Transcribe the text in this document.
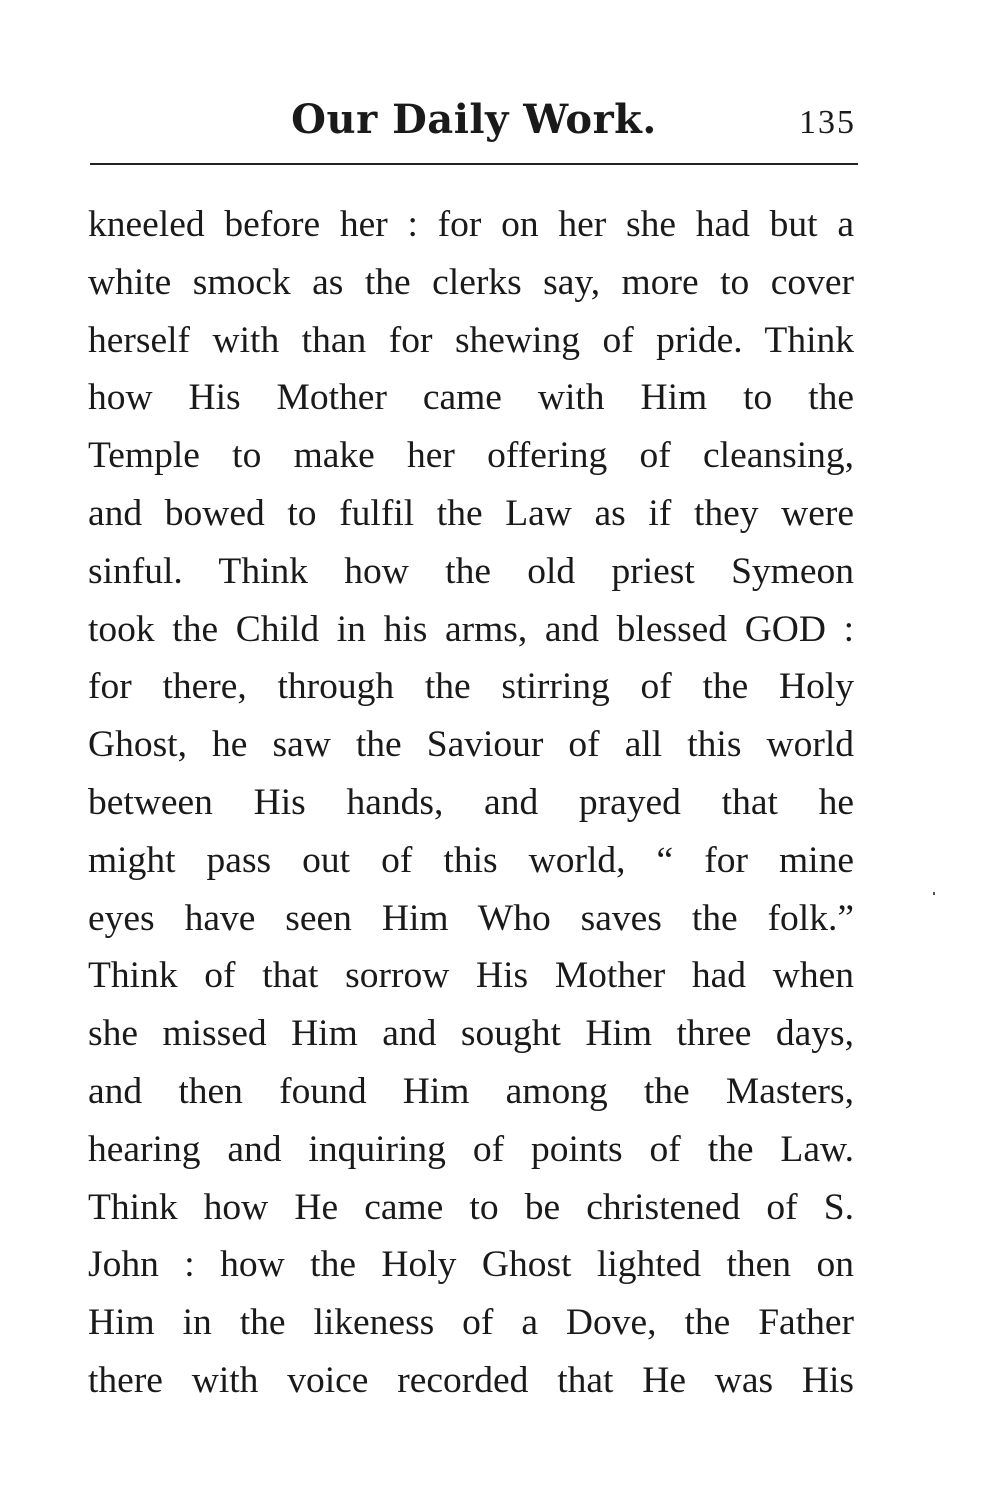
Our Daily Work.	135
kneeled before her : for on her she had but a
white smock as the clerks say, more to cover
herself with than for shewing of pride. Think
how His Mother came with Him to the
Temple to make her offering of cleansing,
and bowed to fulfil the Law as if they were
sinful. Think how the old priest Symeon
took the Child in his arms, and blessed GOD :
for there, through the stirring of the Holy
Ghost, he saw the Saviour of all this world
between His hands, and prayed that he
might pass out of this world, “ for mine
eyes have seen Him Who saves the folk.”
Think of that sorrow His Mother had when
she missed Him and sought Him three days,
and then found Him among the Masters,
hearing and inquiring of points of the Law.
Think how He came to be christened of S.
John : how the Holy Ghost lighted then on
Him in the likeness of a Dove, the Father
there with voice recorded that He was His
